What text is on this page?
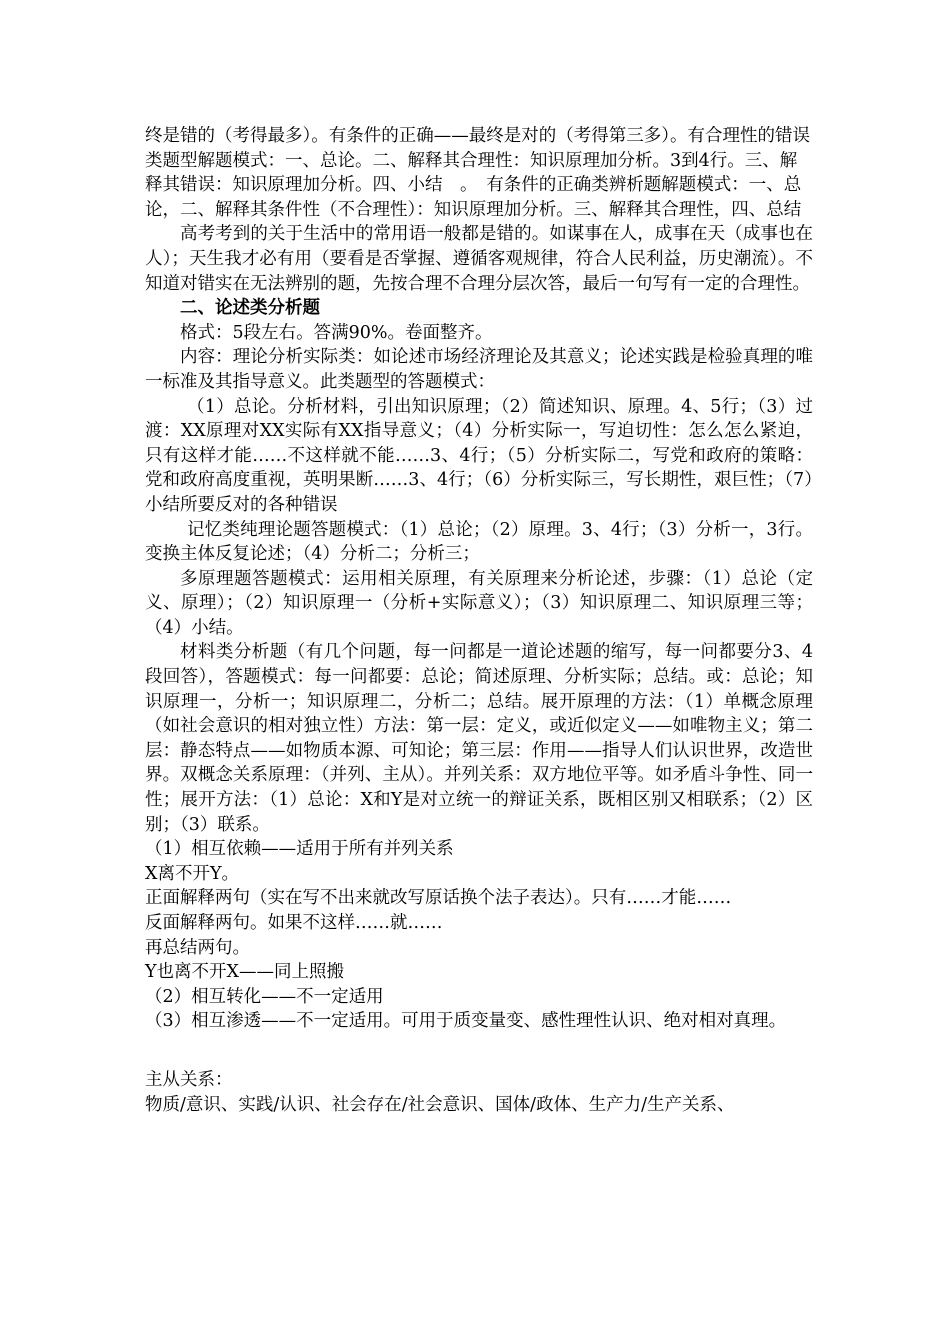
终是错的（考得最多）。有条件的正确——最终是对的（考得第三多）。有合理性的错误类题型解题模式：一、总论。二、解释其合理性：知识原理加分析。3到4行。三、解释其错误：知识原理加分析。四、小结　。　有条件的正确类辨析题解题模式：一、总论，二、解释其条件性（不合理性）：知识原理加分析。三、解释其合理性，四、总结

高考考到的关于生活中的常用语一般都是错的。如谋事在人，成事在天（成事也在人）；天生我才必有用（要看是否掌握、遵循客观规律，符合人民利益，历史潮流）。不知道对错实在无法辨别的题，先按合理不合理分层次答，最后一句写有一定的合理性。

二、论述类分析题

格式：5段左右。答满90%。卷面整齐。

内容：理论分析实际类：如论述市场经济理论及其意义；论述实践是检验真理的唯一标准及其指导意义。此类题型的答题模式：

（1）总论。分析材料，引出知识原理；（2）简述知识、原理。4、5行；（3）过渡：XX原理对XX实际有XX指导意义；（4）分析实际一，写迫切性：怎么怎么紧迫，只有这样才能……不这样就不能……3、4行；（5）分析实际二，写党和政府的策略：党和政府高度重视，英明果断……3、4行；（6）分析实际三，写长期性，艰巨性；（7）小结所要反对的各种错误

记忆类纯理论题答题模式：（1）总论；（2）原理。3、4行；（3）分析一，3行。变换主体反复论述；（4）分析二；分析三；

多原理题答题模式：运用相关原理，有关原理来分析论述，步骤：（1）总论（定义、原理）；（2）知识原理一（分析+实际意义）；（3）知识原理二、知识原理三等；（4）小结。

材料类分析题（有几个问题，每一问都是一道论述题的缩写，每一问都要分3、4段回答），答题模式：每一问都要：总论；简述原理、分析实际；总结。或：总论；知识原理一，分析一；知识原理二，分析二；总结。展开原理的方法：（1）单概念原理（如社会意识的相对独立性）方法：第一层：定义，或近似定义——如唯物主义；第二层：静态特点——如物质本源、可知论；第三层：作用——指导人们认识世界，改造世界。双概念关系原理：（并列、主从）。并列关系：双方地位平等。如矛盾斗争性、同一性；展开方法：（1）总论：X和Y是对立统一的辩证关系，既相区别又相联系；（2）区别；（3）联系。

（1）相互依赖——适用于所有并列关系

X离不开Y。

正面解释两句（实在写不出来就改写原话换个法子表达）。只有……才能……

反面解释两句。如果不这样……就……

再总结两句。

Y也离不开X——同上照搬

（2）相互转化——不一定适用

（3）相互渗透——不一定适用。可用于质变量变、感性理性认识、绝对相对真理。

主从关系：

物质/意识、实践/认识、社会存在/社会意识、国体/政体、生产力/生产关系、
